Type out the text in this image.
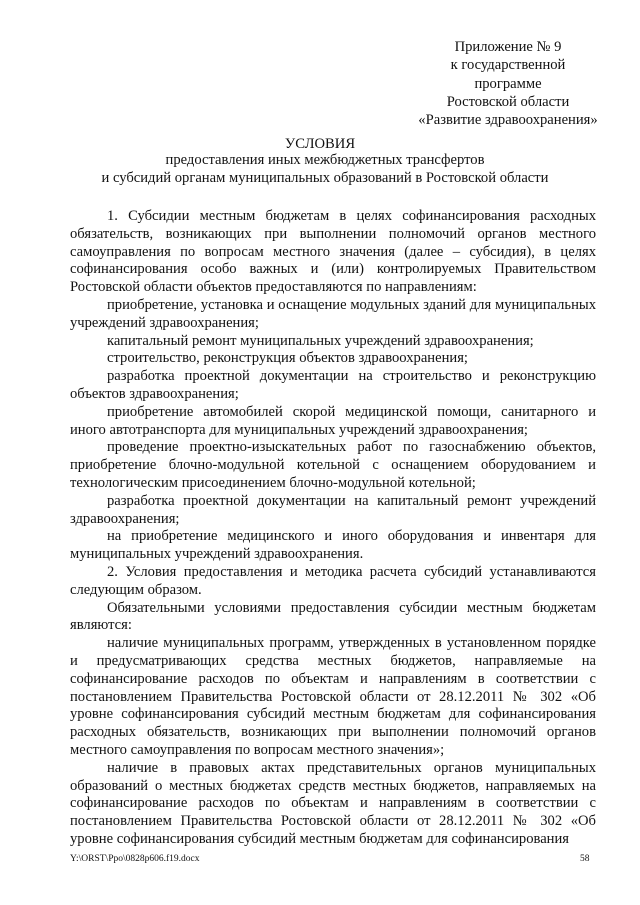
Приложение № 9
к государственной
программе
Ростовской области
«Развитие здравоохранения»
УСЛОВИЯ
предоставления иных межбюджетных трансфертов
и субсидий органам муниципальных образований в Ростовской области

1. Субсидии местным бюджетам в целях софинансирования расходных обязательств, возникающих при выполнении полномочий органов местного самоуправления по вопросам местного значения (далее – субсидия), в целях софинансирования особо важных и (или) контролируемых Правительством Ростовской области объектов предоставляются по направлениям:

приобретение, установка и оснащение модульных зданий для муниципальных учреждений здравоохранения;

капитальный ремонт муниципальных учреждений здравоохранения;

строительство, реконструкция объектов здравоохранения;

разработка проектной документации на строительство и реконструкцию объектов здравоохранения;

приобретение автомобилей скорой медицинской помощи, санитарного и иного автотранспорта для муниципальных учреждений здравоохранения;

проведение проектно-изыскательных работ по газоснабжению объектов, приобретение блочно-модульной котельной с оснащением оборудованием и технологическим присоединением блочно-модульной котельной;

разработка проектной документации на капитальный ремонт учреждений здравоохранения;

на приобретение медицинского и иного оборудования и инвентаря для муниципальных учреждений здравоохранения.

2. Условия предоставления и методика расчета субсидий устанавливаются следующим образом.

Обязательными условиями предоставления субсидии местным бюджетам являются:

наличие муниципальных программ, утвержденных в установленном порядке и предусматривающих средства местных бюджетов, направляемые на софинансирование расходов по объектам и направлениям в соответствии с постановлением Правительства Ростовской области от 28.12.2011 № 302 «Об уровне софинансирования субсидий местным бюджетам для софинансирования расходных обязательств, возникающих при выполнении полномочий органов местного самоуправления по вопросам местного значения»;

наличие в правовых актах представительных органов муниципальных образований о местных бюджетах средств местных бюджетов, направляемых на софинансирование расходов по объектам и направлениям в соответствии с постановлением Правительства Ростовской области от 28.12.2011 № 302 «Об уровне софинансирования субсидий местным бюджетам для софинансирования

Y:\ORST\Ppo\0828p606.f19.docx	58
